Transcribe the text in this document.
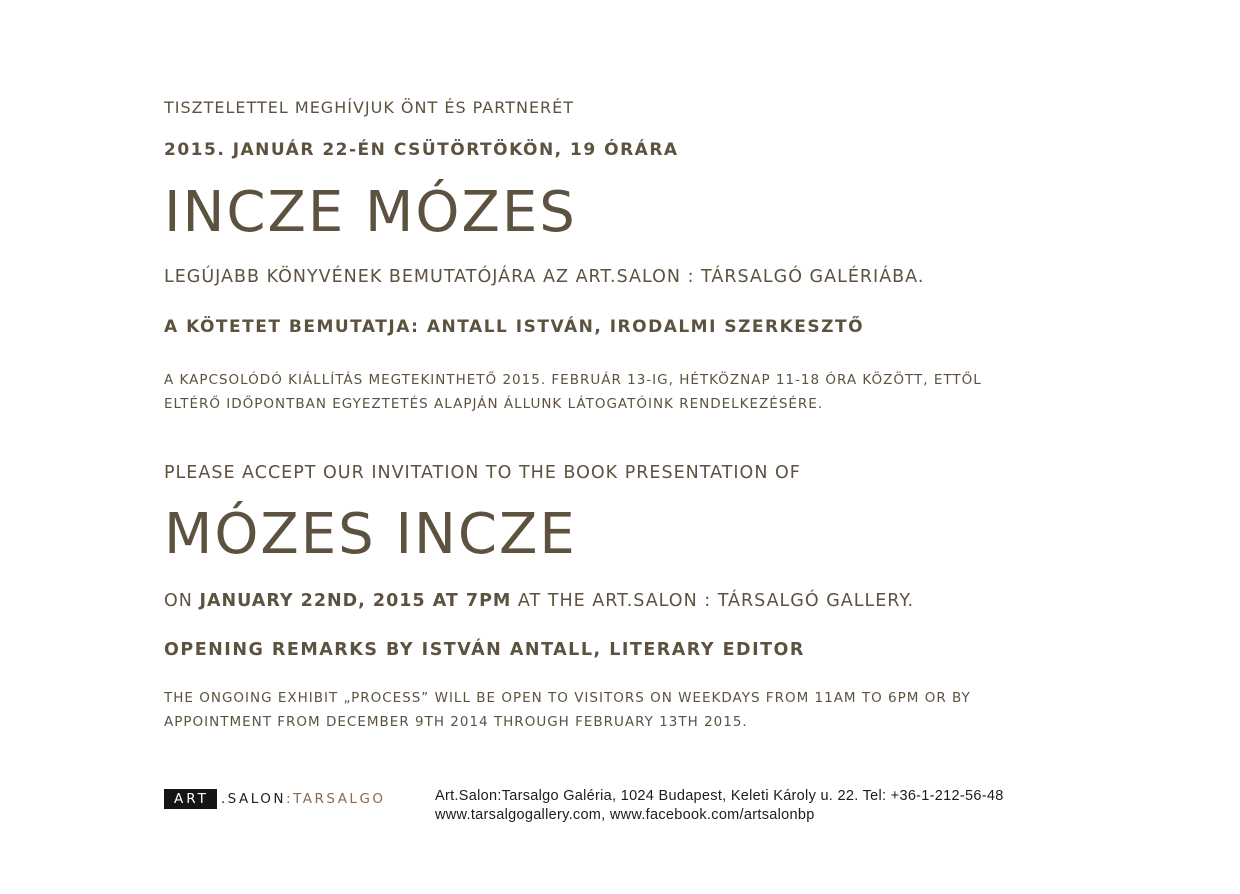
TISZTELETTEL MEGHÍVJUK ÖNT ÉS PARTNERÉT

2015. JANUÁR 22-ÉN CSÜTÖRTÖKÖN, 19 ÓRÁRA

INCZE MÓZES

LEGÚJABB KÖNYVÉNEK BEMUTATÓJÁRA AZ ART.SALON : TÁRSALGÓ GALÉRIÁBA.

A KÖTETET BEMUTATJA: ANTALL ISTVÁN, IRODALMI SZERKESZTŐ

A KAPCSOLÓDÓ KIÁLLÍTÁS MEGTEKINTHETŐ 2015. FEBRUÁR 13-IG, HÉTKÖZNAP 11-18 ÓRA KÖZÖTT, ETTŐL
ELTÉRŐ IDŐPONTBAN EGYEZTETÉS ALAPJÁN ÁLLUNK LÁTOGATÓINK RENDELKEZÉSÉRE.

PLEASE ACCEPT OUR INVITATION TO THE BOOK PRESENTATION OF

MÓZES INCZE

ON JANUARY 22ND, 2015 AT 7PM AT THE ART.SALON : TÁRSALGÓ GALLERY.

OPENING REMARKS BY ISTVÁN ANTALL, LITERARY EDITOR

THE ONGOING EXHIBIT „PROCESS” WILL BE OPEN TO VISITORS ON WEEKDAYS FROM 11AM TO 6PM OR BY
APPOINTMENT FROM DECEMBER 9TH 2014 THROUGH FEBRUARY 13TH 2015.
ART .SALON :TARSALGO	Art.Salon:Tarsalgo Galéria, 1024 Budapest, Keleti Károly u. 22. Tel: +36-1-212-56-48
www.tarsalgogallery.com, www.facebook.com/artsalonbp
